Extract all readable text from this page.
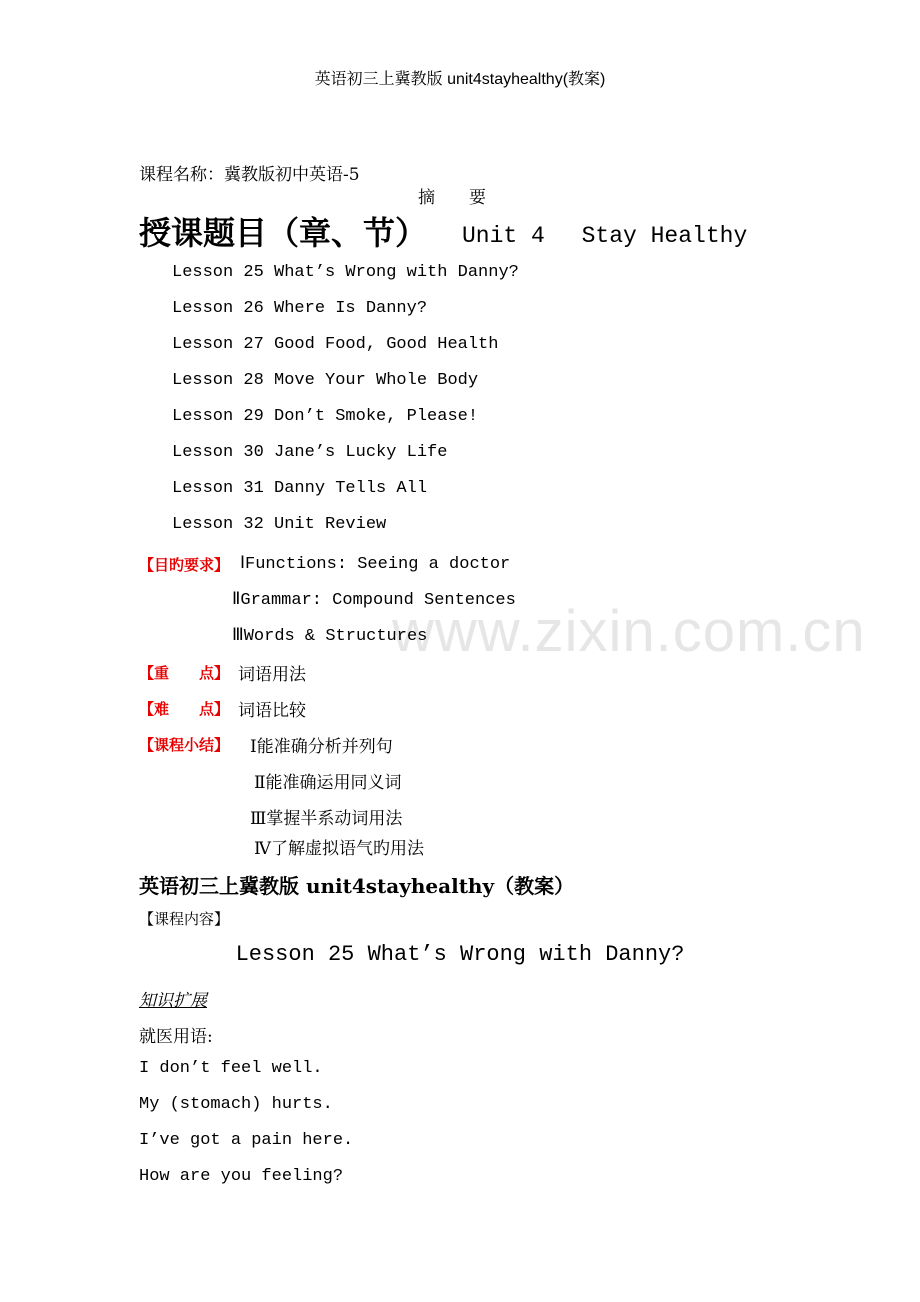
www.zixin.com.cn
英语初三上冀教版 unit4stayhealthy(教案)
课程名称：冀教版初中英语-5
摘　　要
授课题目（章、节） Unit 4　 Stay Healthy
Lesson 25 What’s Wrong with Danny?
Lesson 26 Where Is Danny?
Lesson 27 Good Food, Good Health
Lesson 28 Move Your Whole Body
Lesson 29 Don’t Smoke, Please!
Lesson 30 Jane’s Lucky Life
Lesson 31 Danny Tells All
Lesson 32 Unit Review
【目旳要求】 ⅠFunctions: Seeing a doctor
ⅡGrammar: Compound Sentences
ⅢWords & Structures
【重　　点】 词语用法
【难　　点】 词语比较
【课程小结】 Ⅰ能准确分析并列句
Ⅱ能准确运用同义词
Ⅲ掌握半系动词用法
Ⅳ了解虚拟语气旳用法
英语初三上冀教版 unit4stayhealthy（教案）
【课程内容】
Lesson 25 What’s Wrong with Danny?
知识扩展
就医用语:
I don’t feel well.
My (stomach) hurts.
I’ve got a pain here.
How are you feeling?
